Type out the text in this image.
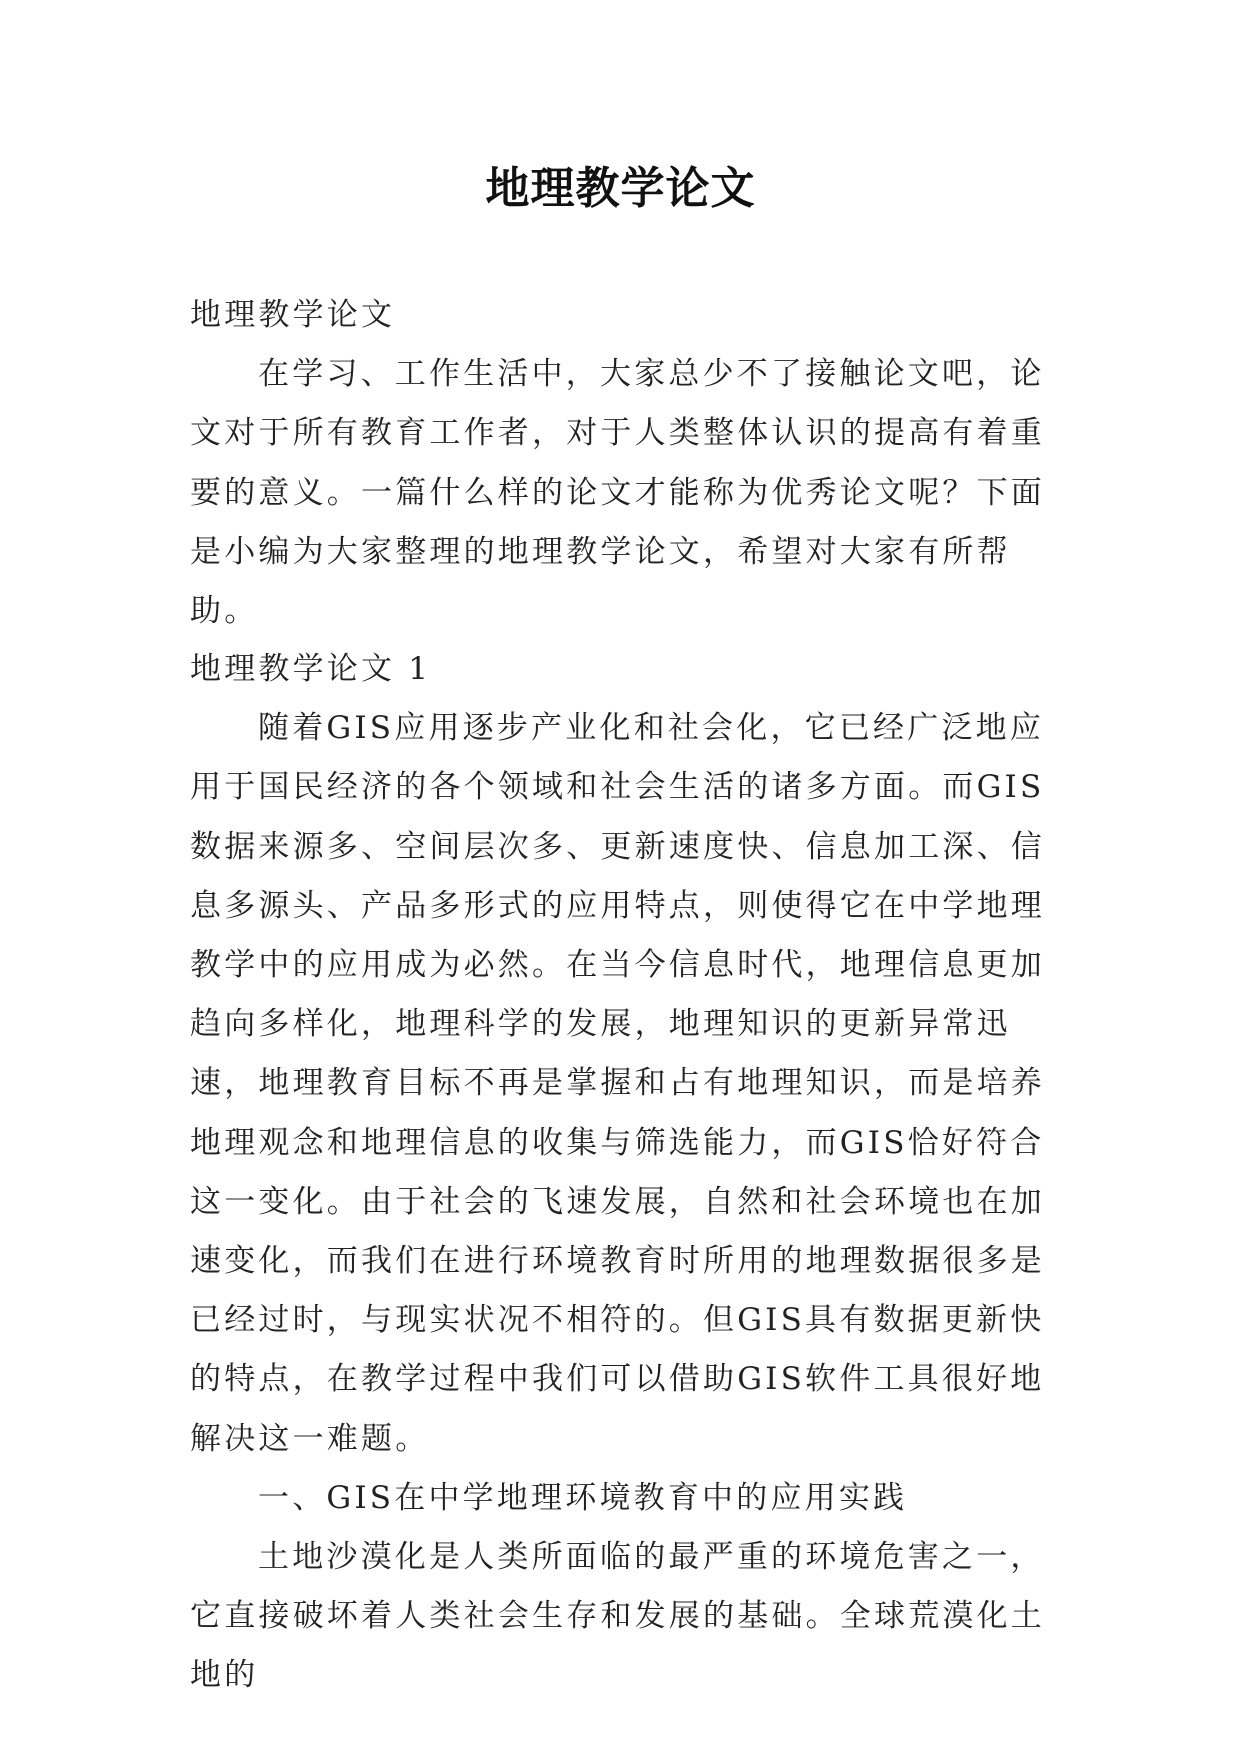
地理教学论文

地理教学论文

在学习、工作生活中，大家总少不了接触论文吧，论文对于所有教育工作者，对于人类整体认识的提高有着重要的意义。一篇什么样的论文才能称为优秀论文呢？下面是小编为大家整理的地理教学论文，希望对大家有所帮助。

地理教学论文 1

随着GIS应用逐步产业化和社会化，它已经广泛地应用于国民经济的各个领域和社会生活的诸多方面。而GIS数据来源多、空间层次多、更新速度快、信息加工深、信息多源头、产品多形式的应用特点，则使得它在中学地理教学中的应用成为必然。在当今信息时代，地理信息更加趋向多样化，地理科学的发展，地理知识的更新异常迅速，地理教育目标不再是掌握和占有地理知识，而是培养地理观念和地理信息的收集与筛选能力，而GIS恰好符合这一变化。由于社会的飞速发展，自然和社会环境也在加速变化，而我们在进行环境教育时所用的地理数据很多是已经过时，与现实状况不相符的。但GIS具有数据更新快的特点，在教学过程中我们可以借助GIS软件工具很好地解决这一难题。

一、GIS在中学地理环境教育中的应用实践

土地沙漠化是人类所面临的最严重的环境危害之一，它直接破坏着人类社会生存和发展的基础。全球荒漠化土地的
